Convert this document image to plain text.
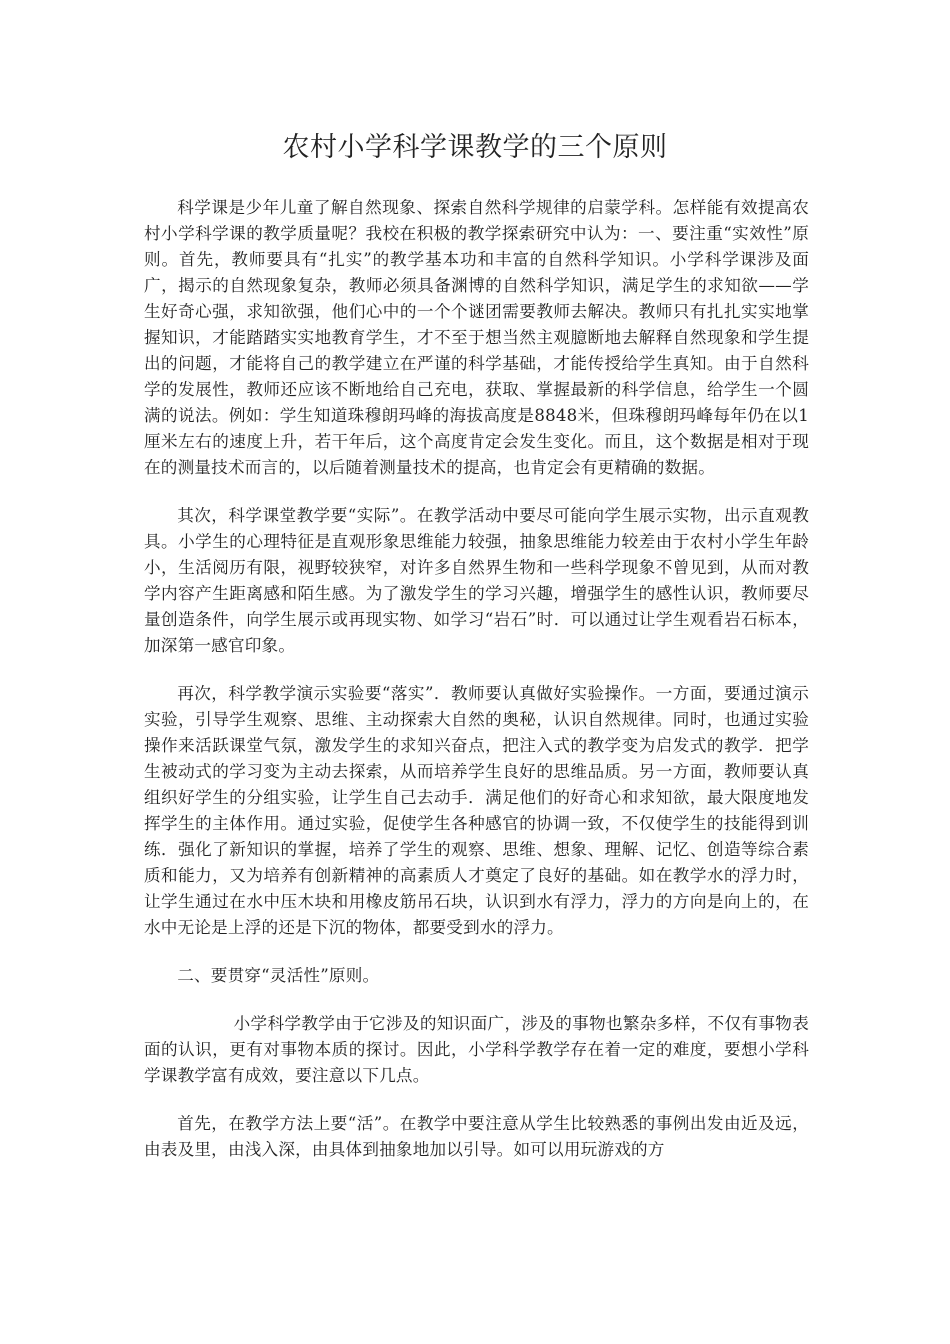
农村小学科学课教学的三个原则

科学课是少年儿童了解自然现象、探索自然科学规律的启蒙学科。怎样能有效提高农村小学科学课的教学质量呢？我校在积极的教学探索研究中认为：一、要注重“实效性”原则。首先，教师要具有“扎实”的教学基本功和丰富的自然科学知识。小学科学课涉及面广，揭示的自然现象复杂，教师必须具备渊博的自然科学知识，满足学生的求知欲——学生好奇心强，求知欲强，他们心中的一个个谜团需要教师去解决。教师只有扎扎实实地掌握知识，才能踏踏实实地教育学生，才不至于想当然主观臆断地去解释自然现象和学生提出的问题，才能将自己的教学建立在严谨的科学基础，才能传授给学生真知。由于自然科学的发展性，教师还应该不断地给自己充电，获取、掌握最新的科学信息，给学生一个圆满的说法。例如：学生知道珠穆朗玛峰的海拔高度是8848米，但珠穆朗玛峰每年仍在以1厘米左右的速度上升，若干年后，这个高度肯定会发生变化。而且，这个数据是相对于现在的测量技术而言的，以后随着测量技术的提高，也肯定会有更精确的数据。

其次，科学课堂教学要“实际”。在教学活动中要尽可能向学生展示实物，出示直观教具。小学生的心理特征是直观形象思维能力较强，抽象思维能力较差由于农村小学生年龄小，生活阅历有限，视野较狭窄，对许多自然界生物和一些科学现象不曾见到，从而对教学内容产生距离感和陌生感。为了激发学生的学习兴趣，增强学生的感性认识，教师要尽量创造条件，向学生展示或再现实物、如学习“岩石”时．可以通过让学生观看岩石标本，加深第一感官印象。

再次，科学教学演示实验要“落实”．教师要认真做好实验操作。一方面，要通过演示实验，引导学生观察、思维、主动探索大自然的奥秘，认识自然规律。同时，也通过实验操作来活跃课堂气氛，激发学生的求知兴奋点，把注入式的教学变为启发式的教学．把学生被动式的学习变为主动去探索，从而培养学生良好的思维品质。另一方面，教师要认真组织好学生的分组实验，让学生自己去动手．满足他们的好奇心和求知欲，最大限度地发挥学生的主体作用。通过实验，促使学生各种感官的协调一致，不仅使学生的技能得到训练．强化了新知识的掌握，培养了学生的观察、思维、想象、理解、记忆、创造等综合素质和能力，又为培养有创新精神的高素质人才奠定了良好的基础。如在教学水的浮力时，让学生通过在水中压木块和用橡皮筋吊石块，认识到水有浮力，浮力的方向是向上的，在水中无论是上浮的还是下沉的物体，都要受到水的浮力。

二、要贯穿“灵活性”原则。

小学科学教学由于它涉及的知识面广，涉及的事物也繁杂多样，不仅有事物表面的认识，更有对事物本质的探讨。因此，小学科学教学存在着一定的难度，要想小学科学课教学富有成效，要注意以下几点。

首先，在教学方法上要“活”。在教学中要注意从学生比较熟悉的事例出发由近及远，由表及里，由浅入深，由具体到抽象地加以引导。如可以用玩游戏的方
